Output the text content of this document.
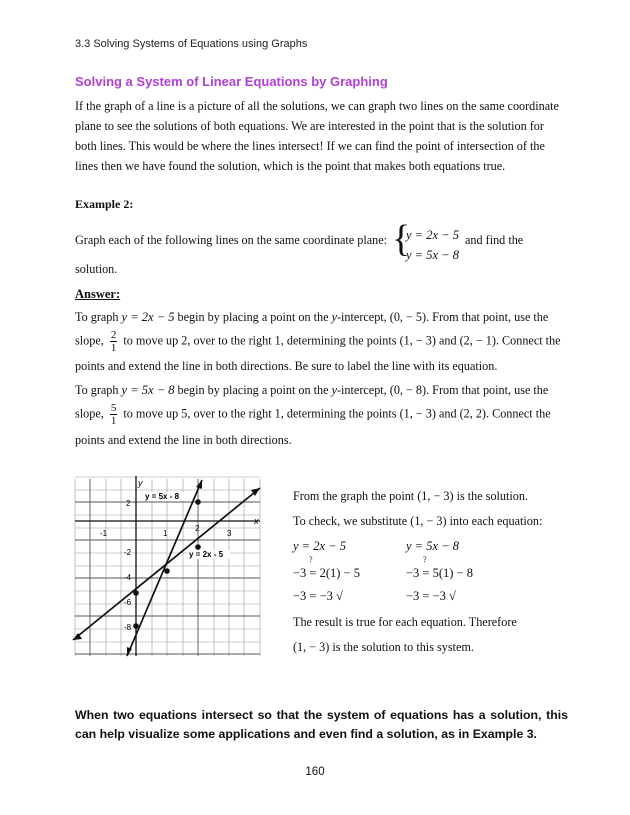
3.3 Solving Systems of Equations using Graphs
Solving a System of Linear Equations by Graphing
If the graph of a line is a picture of all the solutions, we can graph two lines on the same coordinate plane to see the solutions of both equations. We are interested in the point that is the solution for both lines. This would be where the lines intersect! If we can find the point of intersection of the lines then we have found the solution, which is the point that makes both equations true.
Example 2:
Graph each of the following lines on the same coordinate plane: {
y = 2x − 5
y = 5x − 8
and find the
solution.
Answer:
To graph y = 2x − 5 begin by placing a point on the y-intercept, (0, − 5). From that point, use the
slope, $\frac{2}{1}$ to move up 2, over to the right 1, determining the points (1, − 3) and (2, − 1). Connect the
points and extend the line in both directions. Be sure to label the line with its equation.
To graph y = 5x − 8 begin by placing a point on the y-intercept, (0, − 8). From that point, use the
slope, $\frac{5}{1}$ to move up 5, over to the right 1, determining the points (1, − 3) and (2, 2). Connect the
points and extend the line in both directions.
x
y
-1	1
2
3
2
-2
-4
-6
-8
y = 5x - 8
y = 2x - 5
From the graph the point (1, − 3) is the solution.
To check, we substitute (1, − 3) into each equation:
y = 2x − 5	y = 5x − 8
?	?
−3 = 2(1) − 5	−3 = 5(1) − 8
−3 = −3 √	−3 = −3 √
The result is true for each equation. Therefore
(1, − 3) is the solution to this system.
When two equations intersect so that the system of equations has a solution, this can help visualize some applications and even find a solution, as in Example 3.
160
